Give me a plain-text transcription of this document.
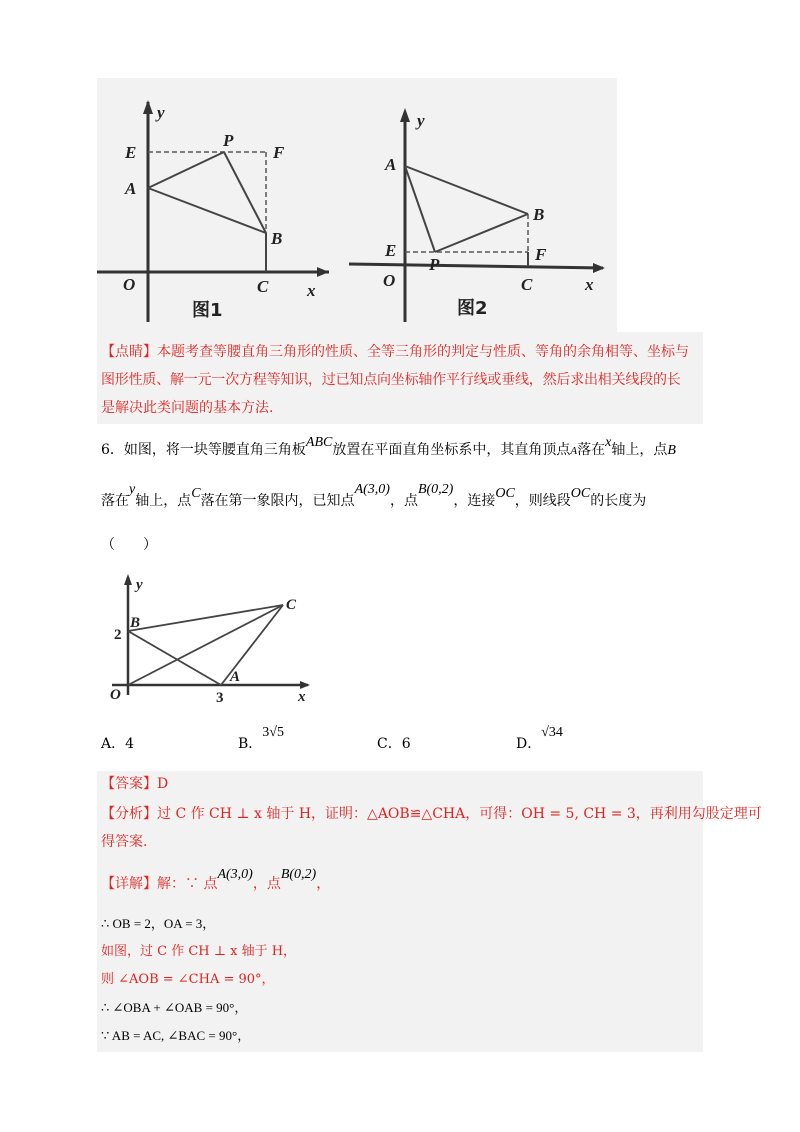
y
E
P
F
A
B
O	C x
图1
y
A
B
E
P
F
O	C	x
图2
【点睛】本题考查等腰直角三角形的性质、全等三角形的判定与性质、等角的余角相等、坐标与
图形性质、解一元一次方程等知识，过已知点向坐标轴作平行线或垂线，然后求出相关线段的长
是解决此类问题的基本方法.
6．如图，将一块等腰直角三角板ABC放置在平面直角坐标系中，其直角顶点A落在x轴上，点B
落在y轴上，点C落在第一象限内，已知点A(3,0)，点B(0,2)，连接OC，则线段OC的长度为
（　　）
y
B
C
2
O	3
A
x
A．4	B．3√5
C．6	D．√34
【答案】D
【分析】过 C 作 CH ⊥ x 轴于 H，证明：△AOB≌△CHA，可得：OH = 5, CH = 3，再利用勾股定理可
得答案.
【详解】解：∵ 点A(3,0)，点B(0,2)，
∴ OB = 2，OA = 3，
如图，过 C 作 CH ⊥ x 轴于 H，
则 ∠AOB = ∠CHA = 90°，
∴ ∠OBA + ∠OAB = 90°，
∵ AB = AC, ∠BAC = 90°，
